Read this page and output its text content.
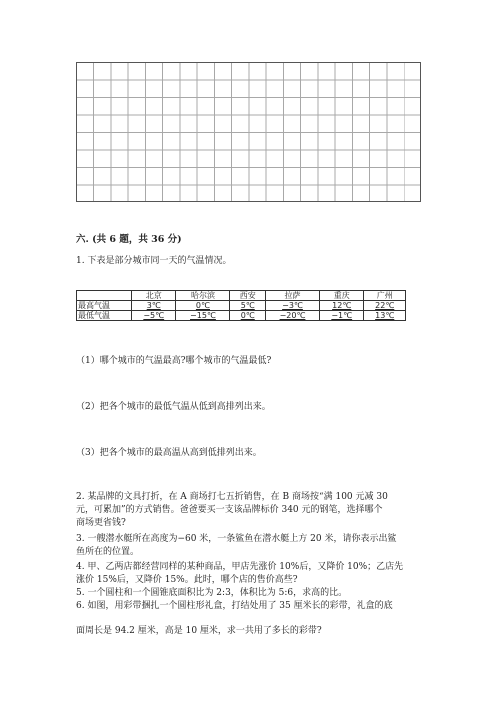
六. (共 6 题，共 36 分)
1. 下表是部分城市同一天的气温情况。
	北京	哈尔滨	西安	拉萨	重庆	广州
最高气温	3℃	0℃	5℃	−3℃	12℃	22℃
最低气温	−5℃	−15℃	0℃	−20℃	−1℃	13℃
（1）哪个城市的气温最高?哪个城市的气温最低?
（2）把各个城市的最低气温从低到高排列出来。
（3）把各个城市的最高温从高到低排列出来。
2. 某品牌的文具打折，在 A 商场打七五折销售，在 B 商场按“满 100 元减 30
元，可累加”的方式销售。爸爸要买一支该品牌标价 340 元的钢笔，选择哪个
商场更省钱?
3. 一艘潜水艇所在高度为−60 米，一条鲨鱼在潜水艇上方 20 米，请你表示出鲨
鱼所在的位置。
4. 甲、乙两店都经营同样的某种商品，甲店先涨价 10%后，又降价 10%；乙店先
涨价 15%后，又降价 15%。此时，哪个店的售价高些?
5. 一个圆柱和一个圆锥底面积比为 2:3，体积比为 5:6，求高的比。
6. 如图，用彩带捆扎一个圆柱形礼盒，打结处用了 35 厘米长的彩带，礼盒的底
面周长是 94.2 厘米，高是 10 厘米，求一共用了多长的彩带?
